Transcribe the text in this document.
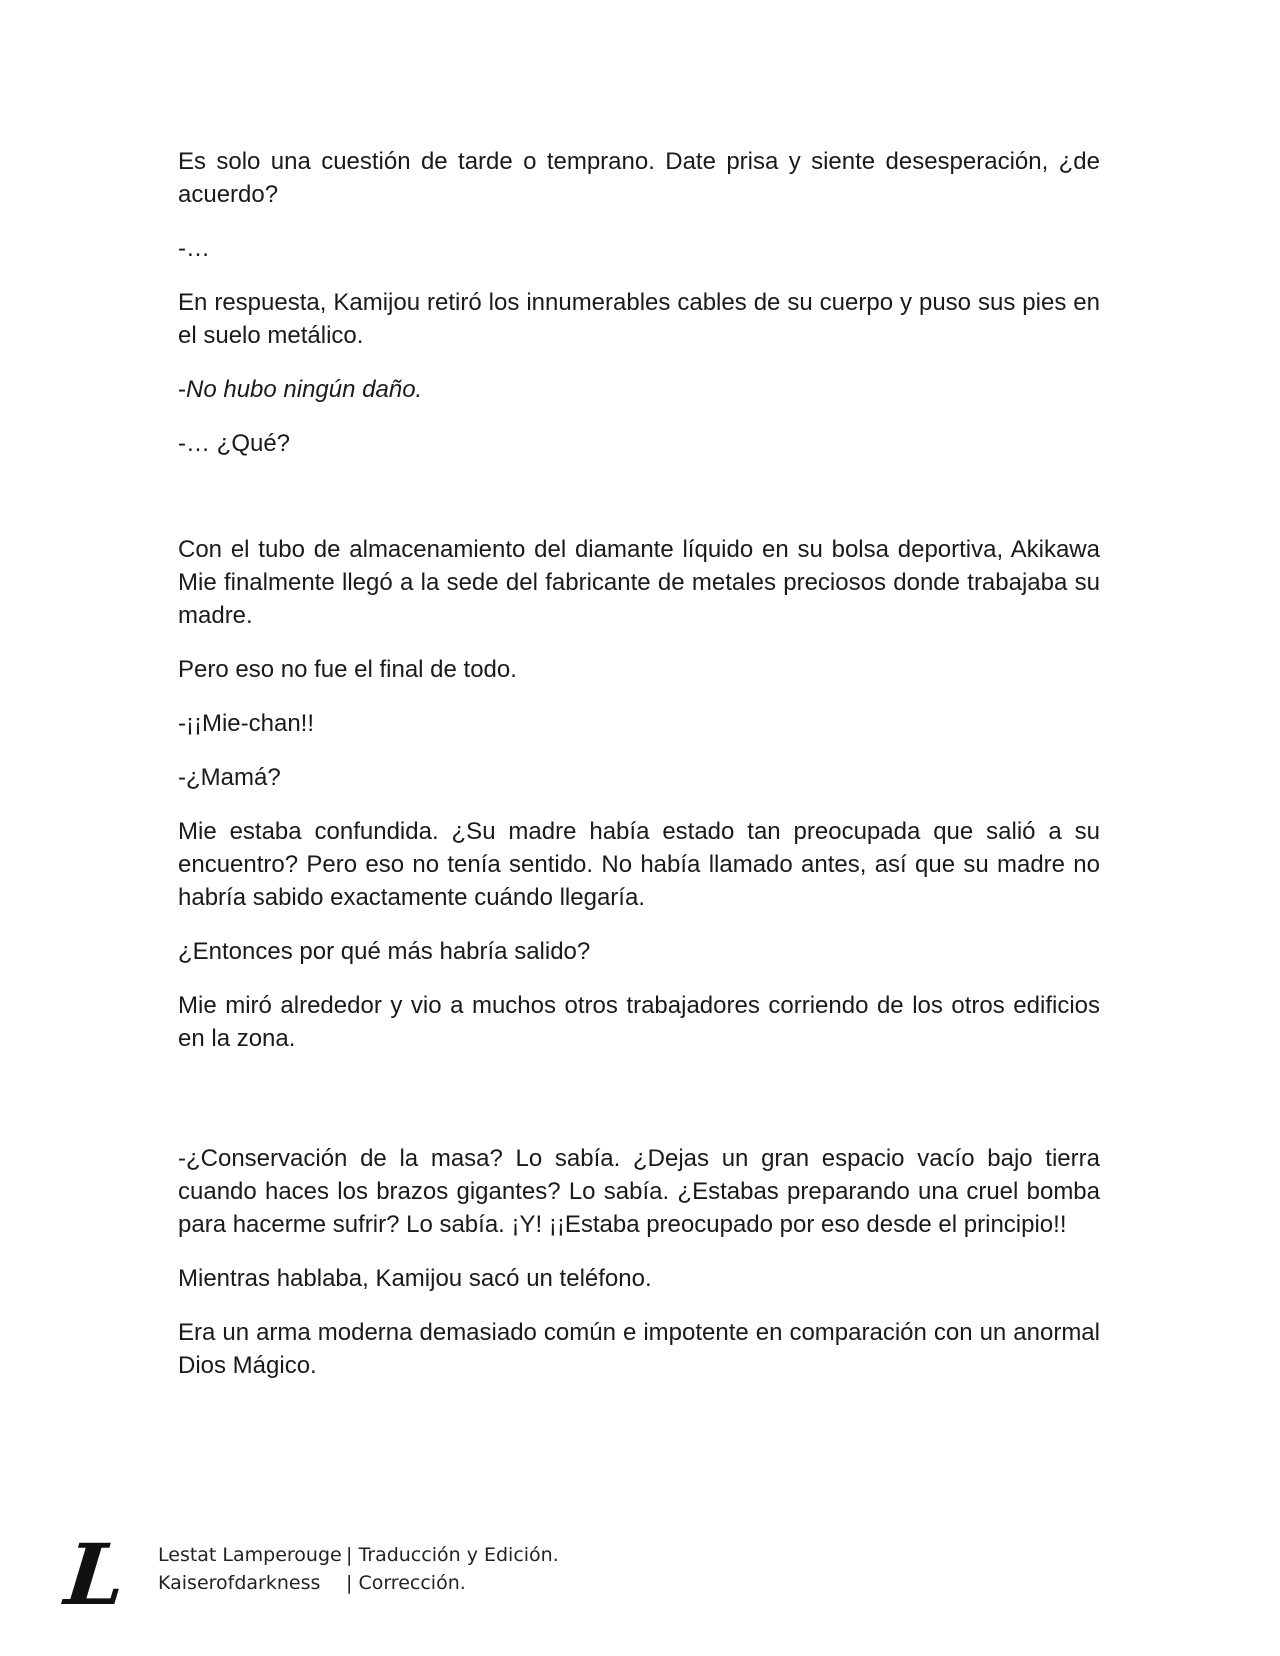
Es solo una cuestión de tarde o temprano. Date prisa y siente desesperación, ¿de acuerdo?

-…

En respuesta, Kamijou retiró los innumerables cables de su cuerpo y puso sus pies en el suelo metálico.

-No hubo ningún daño.

-… ¿Qué?

Con el tubo de almacenamiento del diamante líquido en su bolsa deportiva, Akikawa Mie finalmente llegó a la sede del fabricante de metales preciosos donde trabajaba su madre.

Pero eso no fue el final de todo.

-¡¡Mie-chan!!

-¿Mamá?

Mie estaba confundida. ¿Su madre había estado tan preocupada que salió a su encuentro? Pero eso no tenía sentido. No había llamado antes, así que su madre no habría sabido exactamente cuándo llegaría.

¿Entonces por qué más habría salido?

Mie miró alrededor y vio a muchos otros trabajadores corriendo de los otros edificios en la zona.

-¿Conservación de la masa? Lo sabía. ¿Dejas un gran espacio vacío bajo tierra cuando haces los brazos gigantes? Lo sabía. ¿Estabas preparando una cruel bomba para hacerme sufrir? Lo sabía. ¡Y! ¡¡Estaba preocupado por eso desde el principio!!

Mientras hablaba, Kamijou sacó un teléfono.

Era un arma moderna demasiado común e impotente en comparación con un anormal Dios Mágico.

L	Lestat Lamperouge | Traducción y Edición.
Kaiserofdarkness | Corrección.
